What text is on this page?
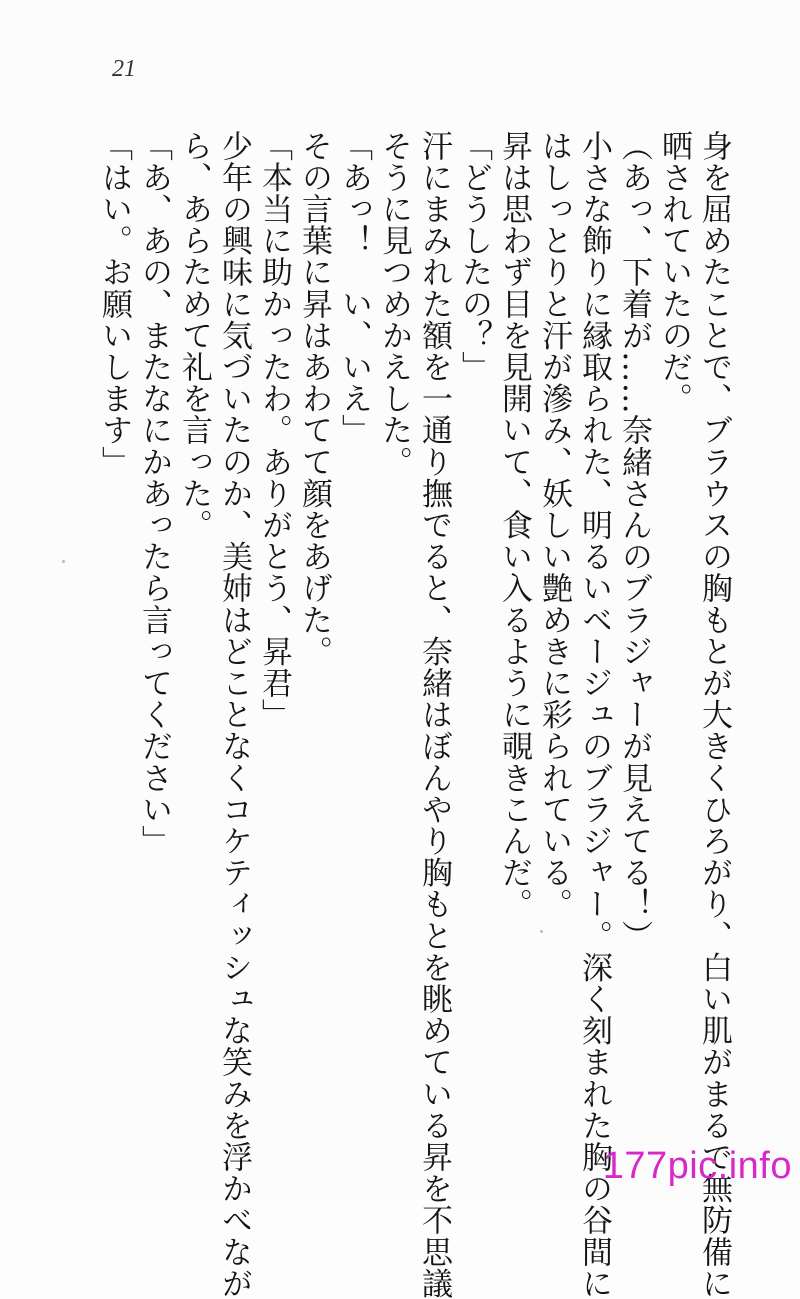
21
身を屈めたことで、ブラウスの胸もとが大きくひろがり、白い肌がまるで無防備に
晒されていたのだ。
（あっ、下着が……奈緒さんのブラジャーが見えてる！）
小さな飾りに縁取られた、明るいベージュのブラジャー。深く刻まれた胸の谷間に
はしっとりと汗が滲み、妖しい艶めきに彩られている。
昇は思わず目を見開いて、食い入るように覗きこんだ。
「どうしたの？」
汗にまみれた額を一通り撫でると、奈緒はぼんやり胸もとを眺めている昇を不思議
そうに見つめかえした。
「あっ！　い、いえ」
その言葉に昇はあわてて顔をあげた。
「本当に助かったわ。ありがとう、昇君」
少年の興味に気づいたのか、美姉はどことなくコケティッシュな笑みを浮かべなが
ら、あらためて礼を言った。
「あ、あの、またなにかあったら言ってください」
「はい。お願いします」
177pic.info
